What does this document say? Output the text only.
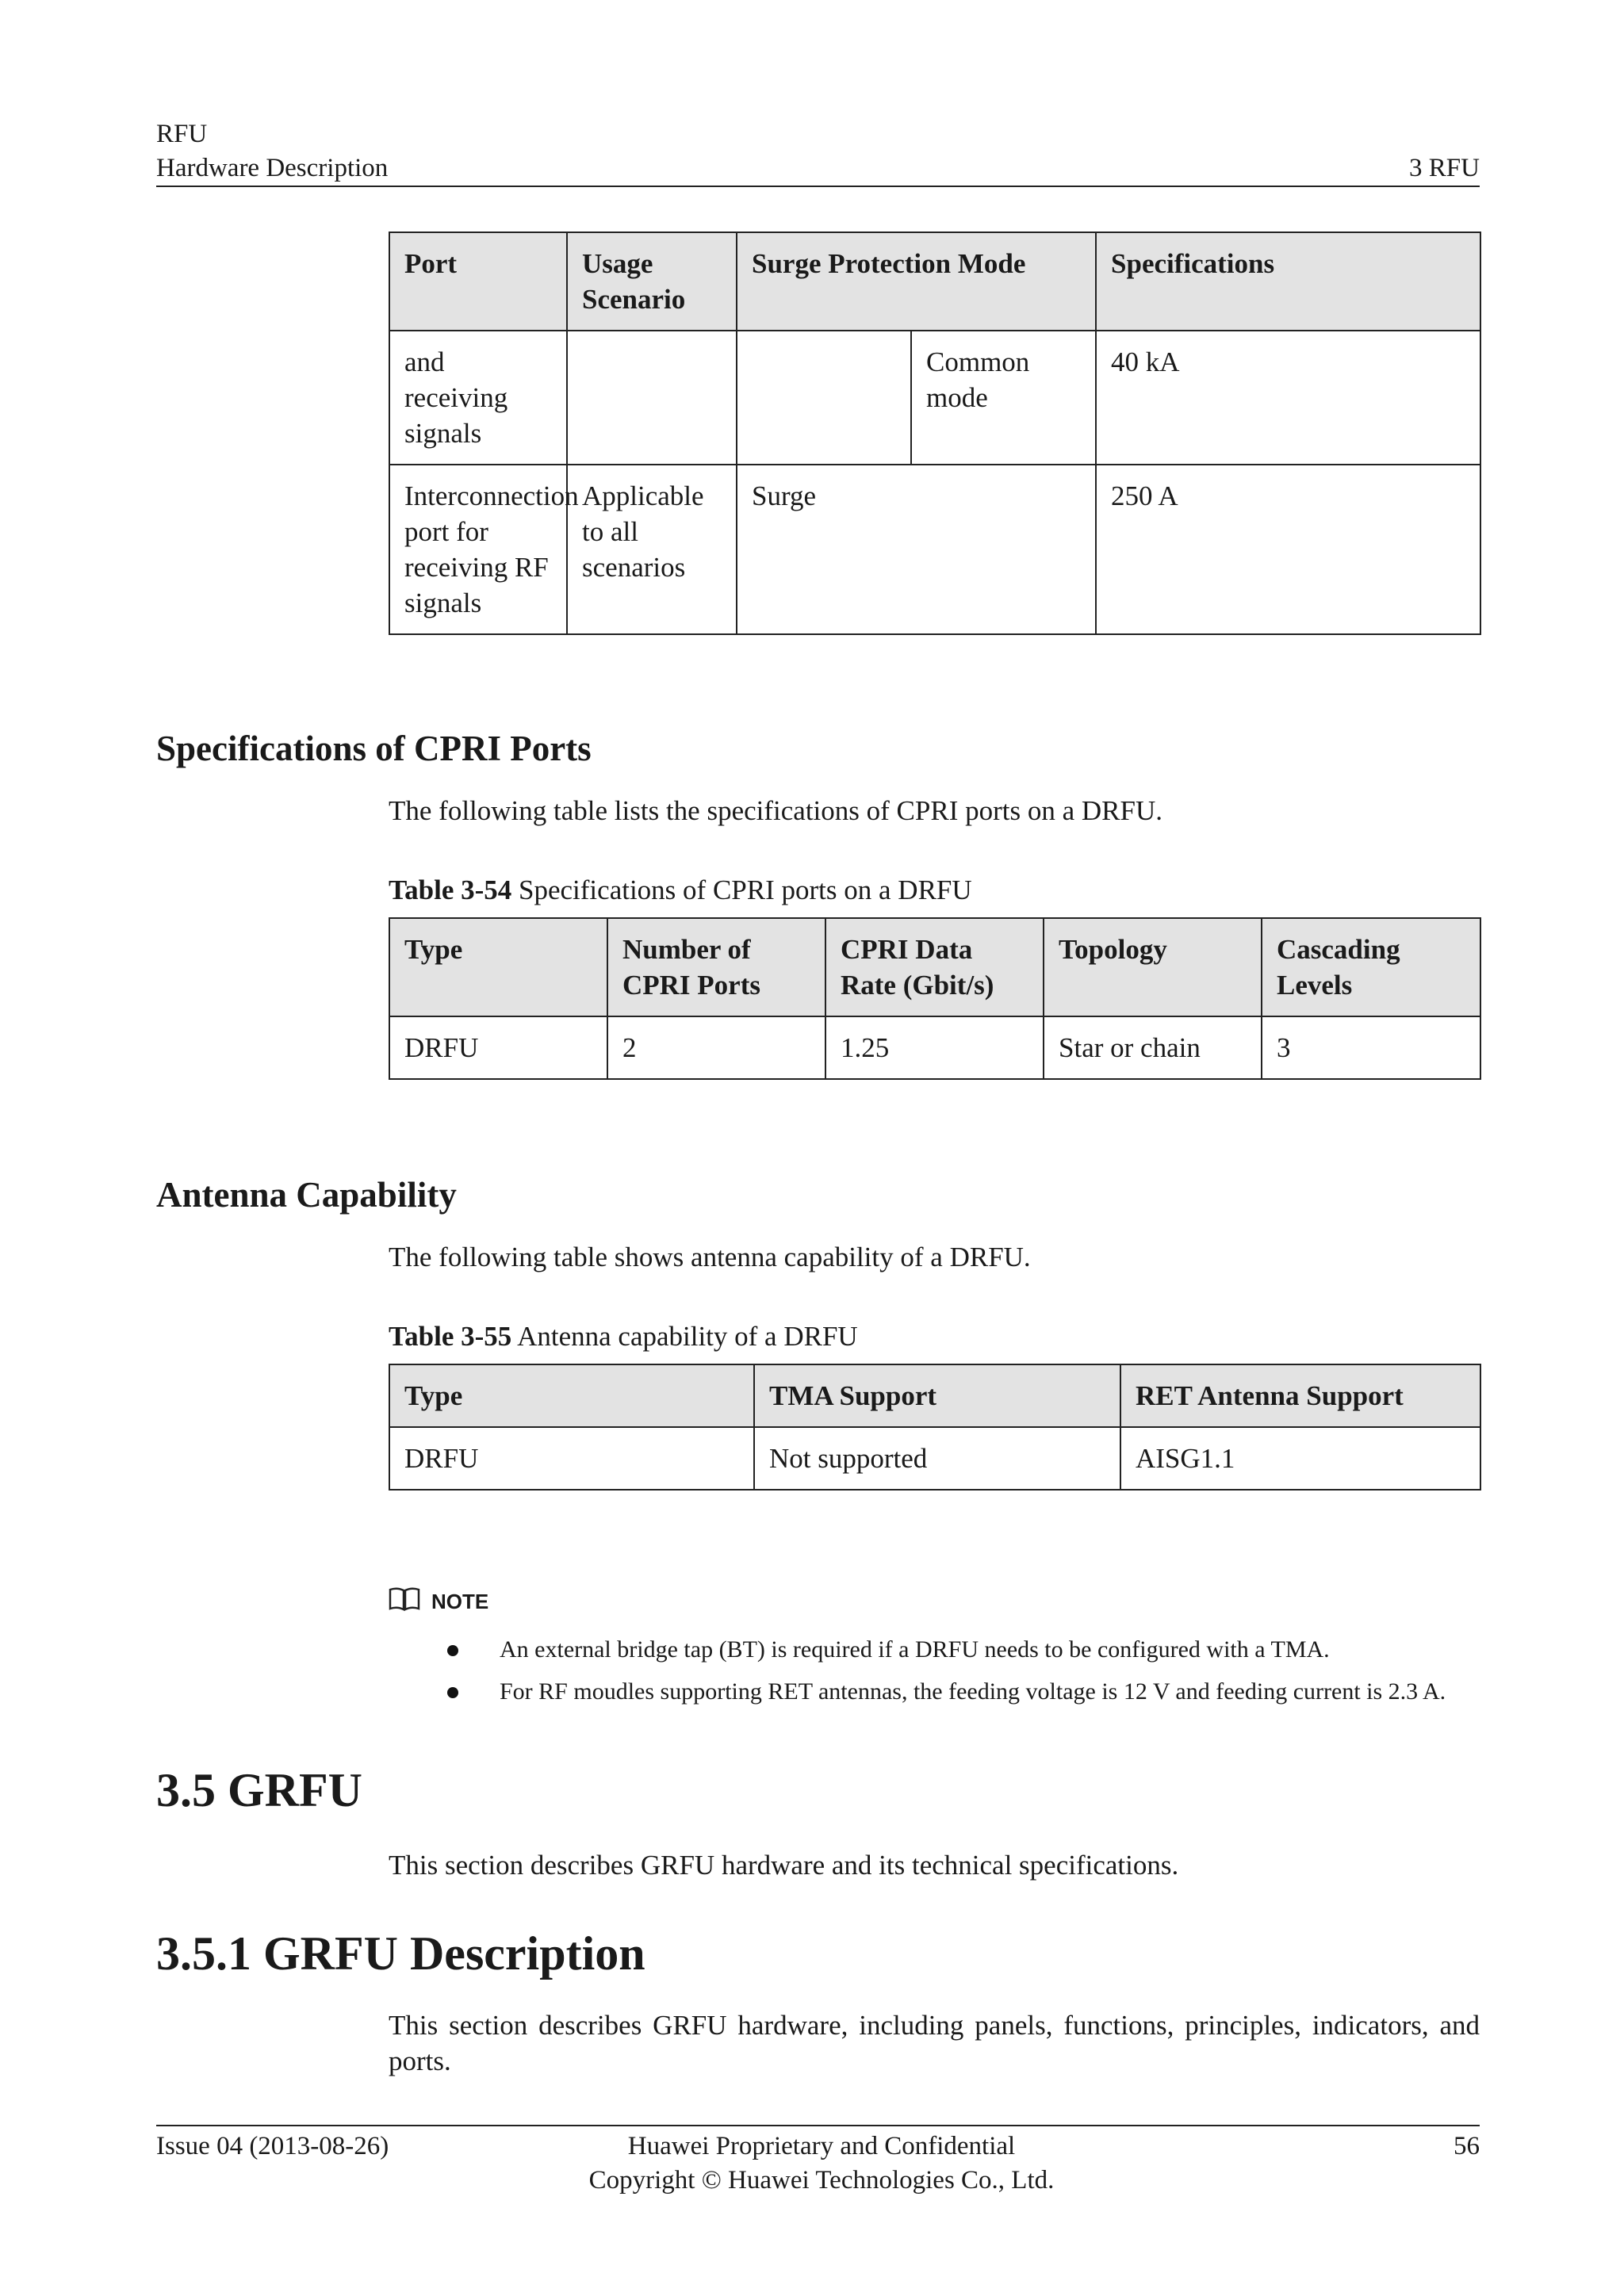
RFU
Hardware Description	3 RFU
Port	Usage Scenario	Surge Protection Mode		Specifications
and receiving signals			Common mode	40 kA
Interconnection port for receiving RF signals	Applicable to all scenarios	Surge		250 A
Specifications of CPRI Ports
The following table lists the specifications of CPRI ports on a DRFU.
Table 3-54 Specifications of CPRI ports on a DRFU
Type	Number of CPRI Ports	CPRI Data Rate (Gbit/s)	Topology	Cascading Levels
DRFU	2	1.25	Star or chain	3
Antenna Capability
The following table shows antenna capability of a DRFU.
Table 3-55 Antenna capability of a DRFU
Type	TMA Support	RET Antenna Support
DRFU	Not supported	AISG1.1
NOTE
An external bridge tap (BT) is required if a DRFU needs to be configured with a TMA.
For RF moudles supporting RET antennas, the feeding voltage is 12 V and feeding current is 2.3 A.
3.5 GRFU
This section describes GRFU hardware and its technical specifications.
3.5.1 GRFU Description
This section describes GRFU hardware, including panels, functions, principles, indicators, and ports.
Issue 04 (2013-08-26)	Huawei Proprietary and Confidential
Copyright © Huawei Technologies Co., Ltd.
56
